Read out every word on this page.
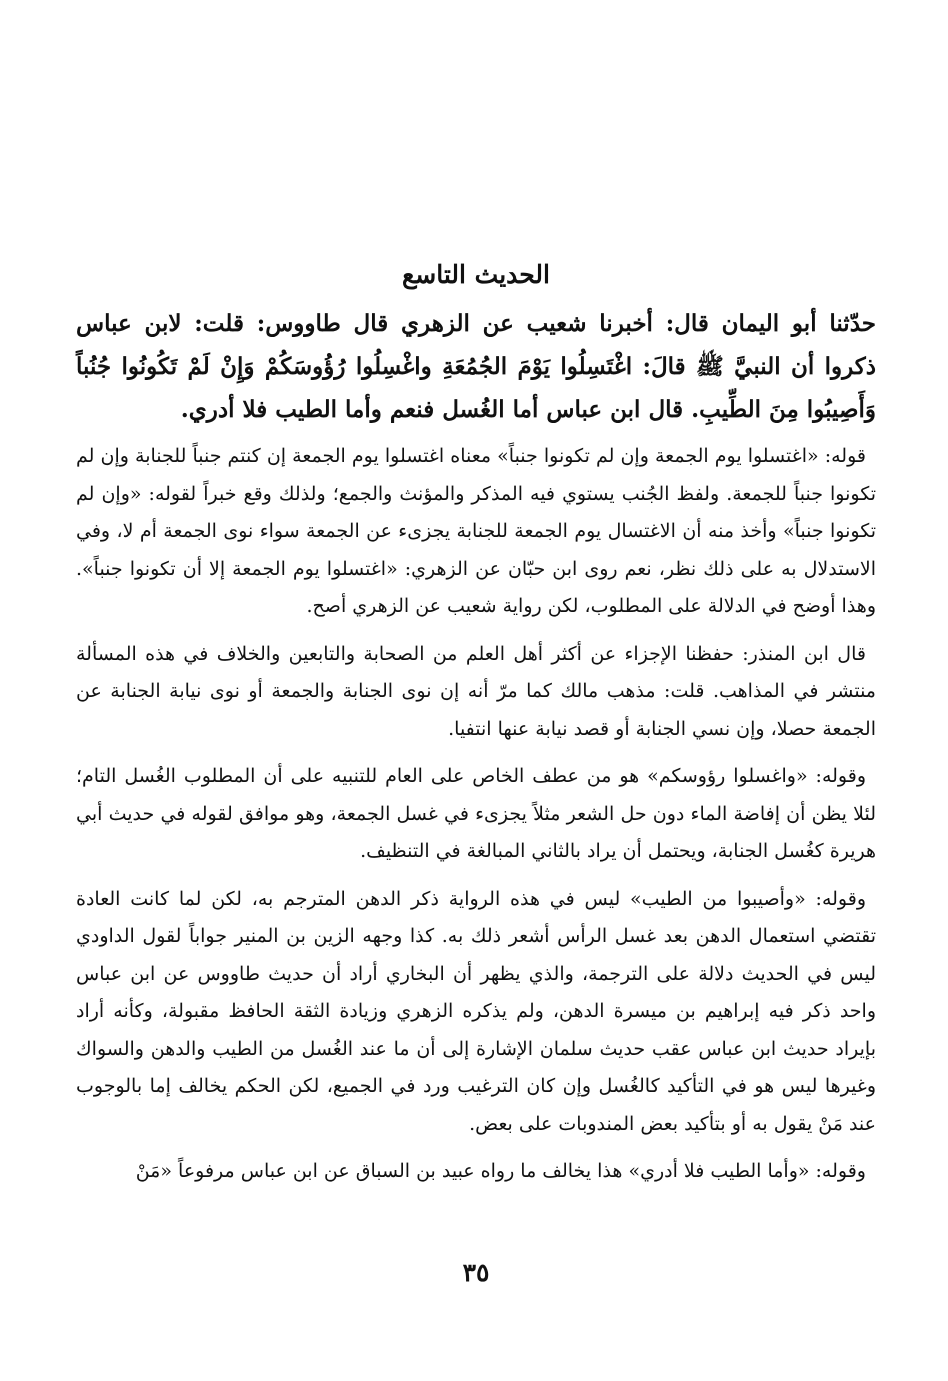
الحديث التاسع

حدّثنا أبو اليمان قال: أخبرنا شعيب عن الزهري قال طاووس: قلت: لابن عباس ذكروا أن النبيَّ ﷺ قالَ: اغْتَسِلُوا يَوْمَ الجُمُعَةِ واغْسِلُوا رُؤُوسَكُمْ وَإِنْ لَمْ تَكُونُوا جُنُباً وَأَصِيبُوا مِنَ الطِّيبِ. قال ابن عباس أما الغُسل فنعم وأما الطيب فلا أدري.

قوله: «اغتسلوا يوم الجمعة وإن لم تكونوا جنباً» معناه اغتسلوا يوم الجمعة إن كنتم جنباً للجنابة وإن لم تكونوا جنباً للجمعة. ولفظ الجُنب يستوي فيه المذكر والمؤنث والجمع؛ ولذلك وقع خبراً لقوله: «وإن لم تكونوا جنباً» وأخذ منه أن الاغتسال يوم الجمعة للجنابة يجزىء عن الجمعة سواء نوى الجمعة أم لا، وفي الاستدلال به على ذلك نظر، نعم روى ابن حبّان عن الزهري: «اغتسلوا يوم الجمعة إلا أن تكونوا جنباً». وهذا أوضح في الدلالة على المطلوب، لكن رواية شعيب عن الزهري أصح.

قال ابن المنذر: حفظنا الإجزاء عن أكثر أهل العلم من الصحابة والتابعين والخلاف في هذه المسألة منتشر في المذاهب. قلت: مذهب مالك كما مرّ أنه إن نوى الجنابة والجمعة أو نوى نيابة الجنابة عن الجمعة حصلا، وإن نسي الجنابة أو قصد نيابة عنها انتفيا.

وقوله: «واغسلوا رؤوسكم» هو من عطف الخاص على العام للتنبيه على أن المطلوب الغُسل التام؛ لئلا يظن أن إفاضة الماء دون حل الشعر مثلاً يجزىء في غسل الجمعة، وهو موافق لقوله في حديث أبي هريرة كغُسل الجنابة، ويحتمل أن يراد بالثاني المبالغة في التنظيف.

وقوله: «وأصيبوا من الطيب» ليس في هذه الرواية ذكر الدهن المترجم به، لكن لما كانت العادة تقتضي استعمال الدهن بعد غسل الرأس أشعر ذلك به. كذا وجهه الزين بن المنير جواباً لقول الداودي ليس في الحديث دلالة على الترجمة، والذي يظهر أن البخاري أراد أن حديث طاووس عن ابن عباس واحد ذكر فيه إبراهيم بن ميسرة الدهن، ولم يذكره الزهري وزيادة الثقة الحافظ مقبولة، وكأنه أراد بإيراد حديث ابن عباس عقب حديث سلمان الإشارة إلى أن ما عند الغُسل من الطيب والدهن والسواك وغيرها ليس هو في التأكيد كالغُسل وإن كان الترغيب ورد في الجميع، لكن الحكم يخالف إما بالوجوب عند مَنْ يقول به أو بتأكيد بعض المندوبات على بعض.

وقوله: «وأما الطيب فلا أدري» هذا يخالف ما رواه عبيد بن السباق عن ابن عباس مرفوعاً «مَنْ

٣٥
